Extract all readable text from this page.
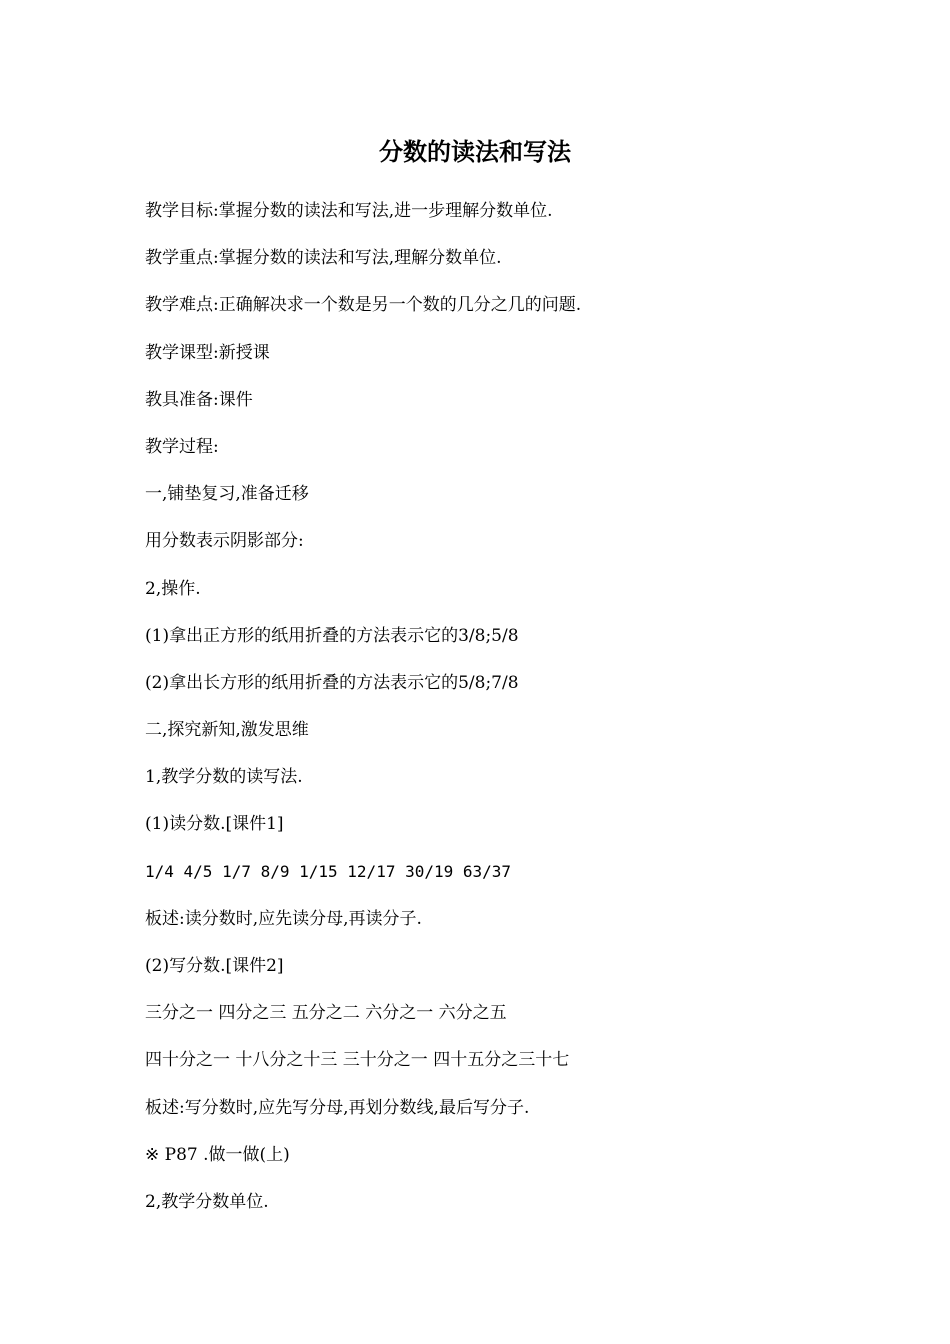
分数的读法和写法
教学目标:掌握分数的读法和写法,进一步理解分数单位.
教学重点:掌握分数的读法和写法,理解分数单位.
教学难点:正确解决求一个数是另一个数的几分之几的问题.
教学课型:新授课
教具准备:课件
教学过程:
一,铺垫复习,准备迁移
用分数表示阴影部分:
2,操作.
(1)拿出正方形的纸用折叠的方法表示它的3/8;5/8
(2)拿出长方形的纸用折叠的方法表示它的5/8;7/8
二,探究新知,激发思维
1,教学分数的读写法.
(1)读分数.[课件1]
1/4 4/5 1/7 8/9 1/15 12/17 30/19 63/37
板述:读分数时,应先读分母,再读分子.
(2)写分数.[课件2]
三分之一 四分之三 五分之二 六分之一 六分之五
四十分之一 十八分之十三 三十分之一 四十五分之三十七
板述:写分数时,应先写分母,再划分数线,最后写分子.
※ P87 .做一做(上)
2,教学分数单位.
